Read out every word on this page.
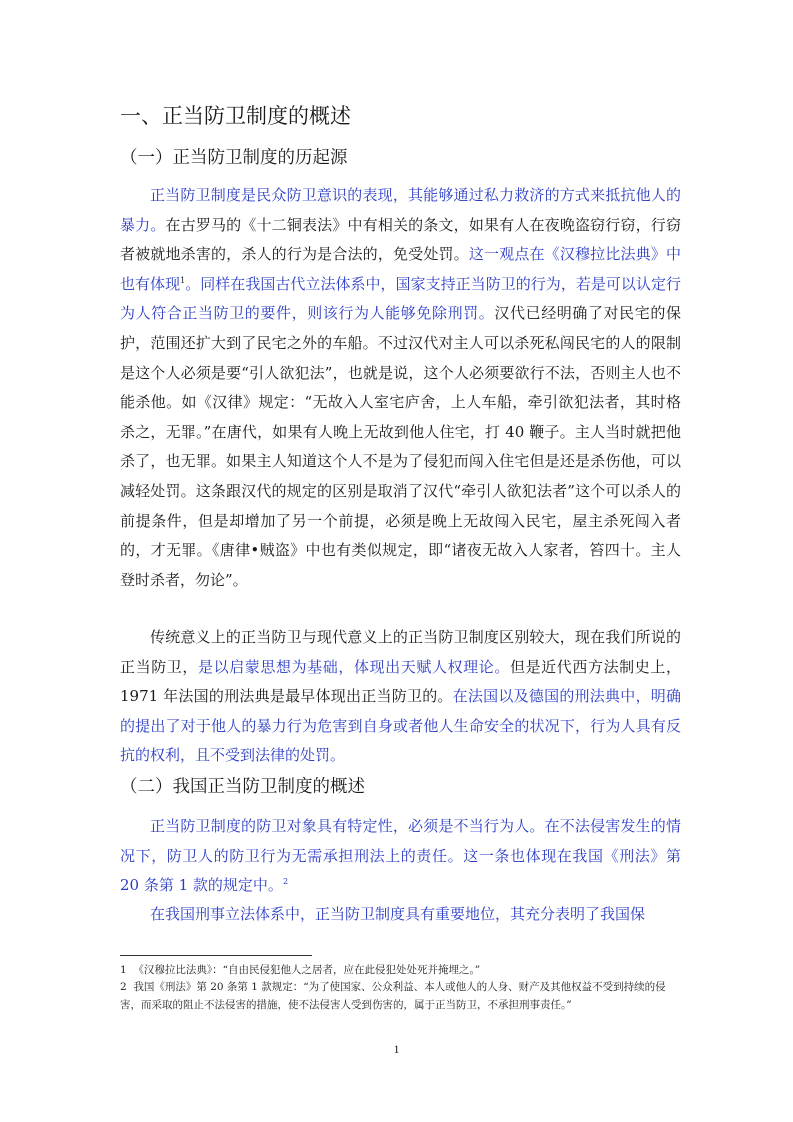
一、正当防卫制度的概述
（一）正当防卫制度的历起源

正当防卫制度是民众防卫意识的表现，其能够通过私力救济的方式来抵抗他人的暴力。在古罗马的《十二铜表法》中有相关的条文，如果有人在夜晚盗窃行窃，行窃者被就地杀害的，杀人的行为是合法的，免受处罚。这一观点在《汉穆拉比法典》中也有体现$^1$。同样在我国古代立法体系中，国家支持正当防卫的行为，若是可以认定行为人符合正当防卫的要件，则该行为人能够免除刑罚。汉代已经明确了对民宅的保护，范围还扩大到了民宅之外的车船。不过汉代对主人可以杀死私闯民宅的人的限制是这个人必须是要“引人欲犯法”，也就是说，这个人必须要欲行不法，否则主人也不能杀他。如《汉律》规定：“无故入人室宅庐舍，上人车船，牵引欲犯法者，其时格杀之，无罪。”在唐代，如果有人晚上无故到他人住宅，打 40 鞭子。主人当时就把他杀了，也无罪。如果主人知道这个人不是为了侵犯而闯入住宅但是还是杀伤他，可以减轻处罚。这条跟汉代的规定的区别是取消了汉代“牵引人欲犯法者”这个可以杀人的前提条件，但是却增加了另一个前提，必须是晚上无故闯入民宅，屋主杀死闯入者的，才无罪。《唐律•贼盗》中也有类似规定，即“诸夜无故入人家者，笞四十。主人登时杀者，勿论”。

传统意义上的正当防卫与现代意义上的正当防卫制度区别较大，现在我们所说的正当防卫，是以启蒙思想为基础，体现出天赋人权理论。但是近代西方法制史上，1971 年法国的刑法典是最早体现出正当防卫的。在法国以及德国的刑法典中，明确的提出了对于他人的暴力行为危害到自身或者他人生命安全的状况下，行为人具有反抗的权利，且不受到法律的处罚。

（二）我国正当防卫制度的概述

正当防卫制度的防卫对象具有特定性，必须是不当行为人。在不法侵害发生的情况下，防卫人的防卫行为无需承担刑法上的责任。这一条也体现在我国《刑法》第 20 条第 1 款的规定中。$^2$

在我国刑事立法体系中，正当防卫制度具有重要地位，其充分表明了我国保

1 《汉穆拉比法典》：“自由民侵犯他人之居者，应在此侵犯处处死并掩埋之。”

2 我国《刑法》第 20 条第 1 款规定：“为了使国家、公众利益、本人或他人的人身、财产及其他权益不受到持续的侵害，而采取的阻止不法侵害的措施，使不法侵害人受到伤害的，属于正当防卫，不承担刑事责任。”

1
